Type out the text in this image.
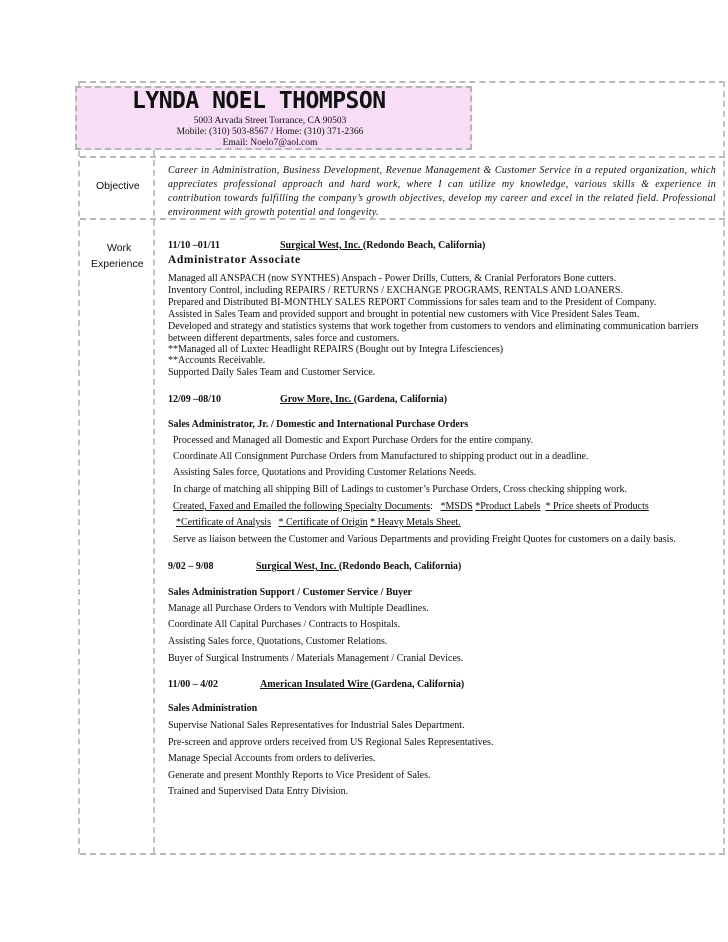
LYNDA NOEL THOMPSON
5003 Arvada Street Torrance, CA 90503
Mobile: (310) 503-8567 / Home: (310) 371-2366
Email: Noelo7@aol.com
Objective
Career in Administration, Business Development, Revenue Management & Customer Service in a reputed organization, which appreciates professional approach and hard work, where I can utilize my knowledge, various skills & experience in contribution towards fulfilling the company’s growth objectives, develop my career and excel in the related field. Professional environment with growth potential and longevity.
Work
Experience
11/10 –01/11	Surgical West, Inc. (Redondo Beach, California)
Administrator Associate
Managed all ANSPACH (now SYNTHES) Anspach - Power Drills, Cutters, & Cranial Perforators Bone cutters.
Inventory Control, including REPAIRS / RETURNS / EXCHANGE PROGRAMS, RENTALS AND LOANERS.
Prepared and Distributed BI-MONTHLY SALES REPORT Commissions for sales team and to the President of Company.
Assisted in Sales Team and provided support and brought in potential new customers with Vice President Sales Team.
Developed and strategy and statistics systems that work together from customers to vendors and eliminating communication barriers
between different departments, sales force and customers.
**Managed all of Luxtec Headlight REPAIRS (Bought out by Integra Lifesciences)
**Accounts Receivable.
Supported Daily Sales Team and Customer Service.
12/09 –08/10	Grow More, Inc. (Gardena, California)
Sales Administrator, Jr. / Domestic and International Purchase Orders
Processed and Managed all Domestic and Export Purchase Orders for the entire company.
Coordinate All Consignment Purchase Orders from Manufactured to shipping product out in a deadline.
Assisting Sales force, Quotations and Providing Customer Relations Needs.
In charge of matching all shipping Bill of Ladings to customer’s Purchase Orders, Cross checking shipping work.
Created, Faxed and Emailed the following Specialty Documents:   *MSDS *Product Labels * Price sheets of Products
*Certificate of Analysis * Certificate of Origin * Heavy Metals Sheet.
Serve as liaison between the Customer and Various Departments and providing Freight Quotes for customers on a daily basis.
9/02 – 9/08	Surgical West, Inc. (Redondo Beach, California)
Sales Administration Support / Customer Service / Buyer
Manage all Purchase Orders to Vendors with Multiple Deadlines.
Coordinate All Capital Purchases / Contracts to Hospitals.
Assisting Sales force, Quotations, Customer Relations.
Buyer of Surgical Instruments / Materials Management / Cranial Devices.
11/00 – 4/02	American Insulated Wire (Gardena, California)
Sales Administration
Supervise National Sales Representatives for Industrial Sales Department.
Pre-screen and approve orders received from US Regional Sales Representatives.
Manage Special Accounts from orders to deliveries.
Generate and present Monthly Reports to Vice President of Sales.
Trained and Supervised Data Entry Division.
